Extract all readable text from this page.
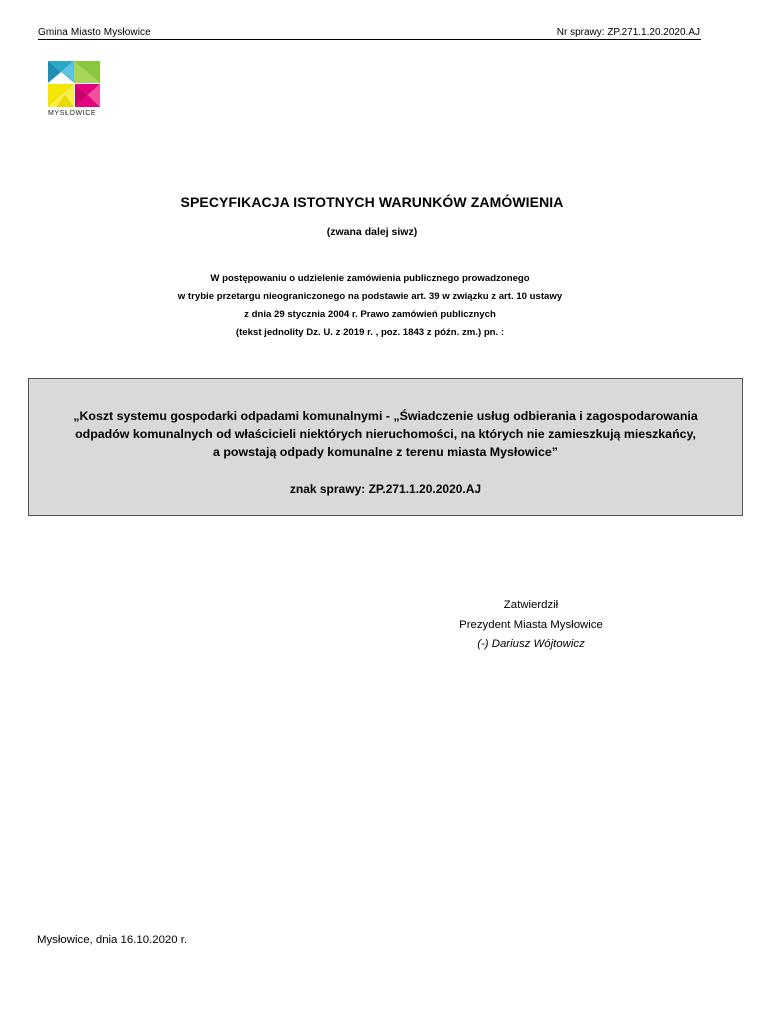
Gmina Miasto Mysłowice	Nr sprawy: ZP.271.1.20.2020.AJ
MYSŁOWICE
SPECYFIKACJA ISTOTNYCH WARUNKÓW ZAMÓWIENIA
(zwana dalej siwz)
W postępowaniu o udzielenie zamówienia publicznego prowadzonego
w trybie przetargu nieograniczonego na podstawie art. 39 w związku z art. 10 ustawy
z dnia 29 stycznia 2004 r. Prawo zamówień publicznych
(tekst jednolity Dz. U. z 2019 r. , poz. 1843 z późn. zm.) pn. :
„Koszt systemu gospodarki odpadami komunalnymi - „Świadczenie usług odbierania i zagospodarowania
odpadów komunalnych od właścicieli niektórych nieruchomości, na których nie zamieszkują mieszkańcy,
a powstają odpady komunalne z terenu miasta Mysłowice”
znak sprawy: ZP.271.1.20.2020.AJ
Zatwierdził
Prezydent Miasta Mysłowice
(-) Dariusz Wójtowicz
Mysłowice, dnia 16.10.2020 r.
